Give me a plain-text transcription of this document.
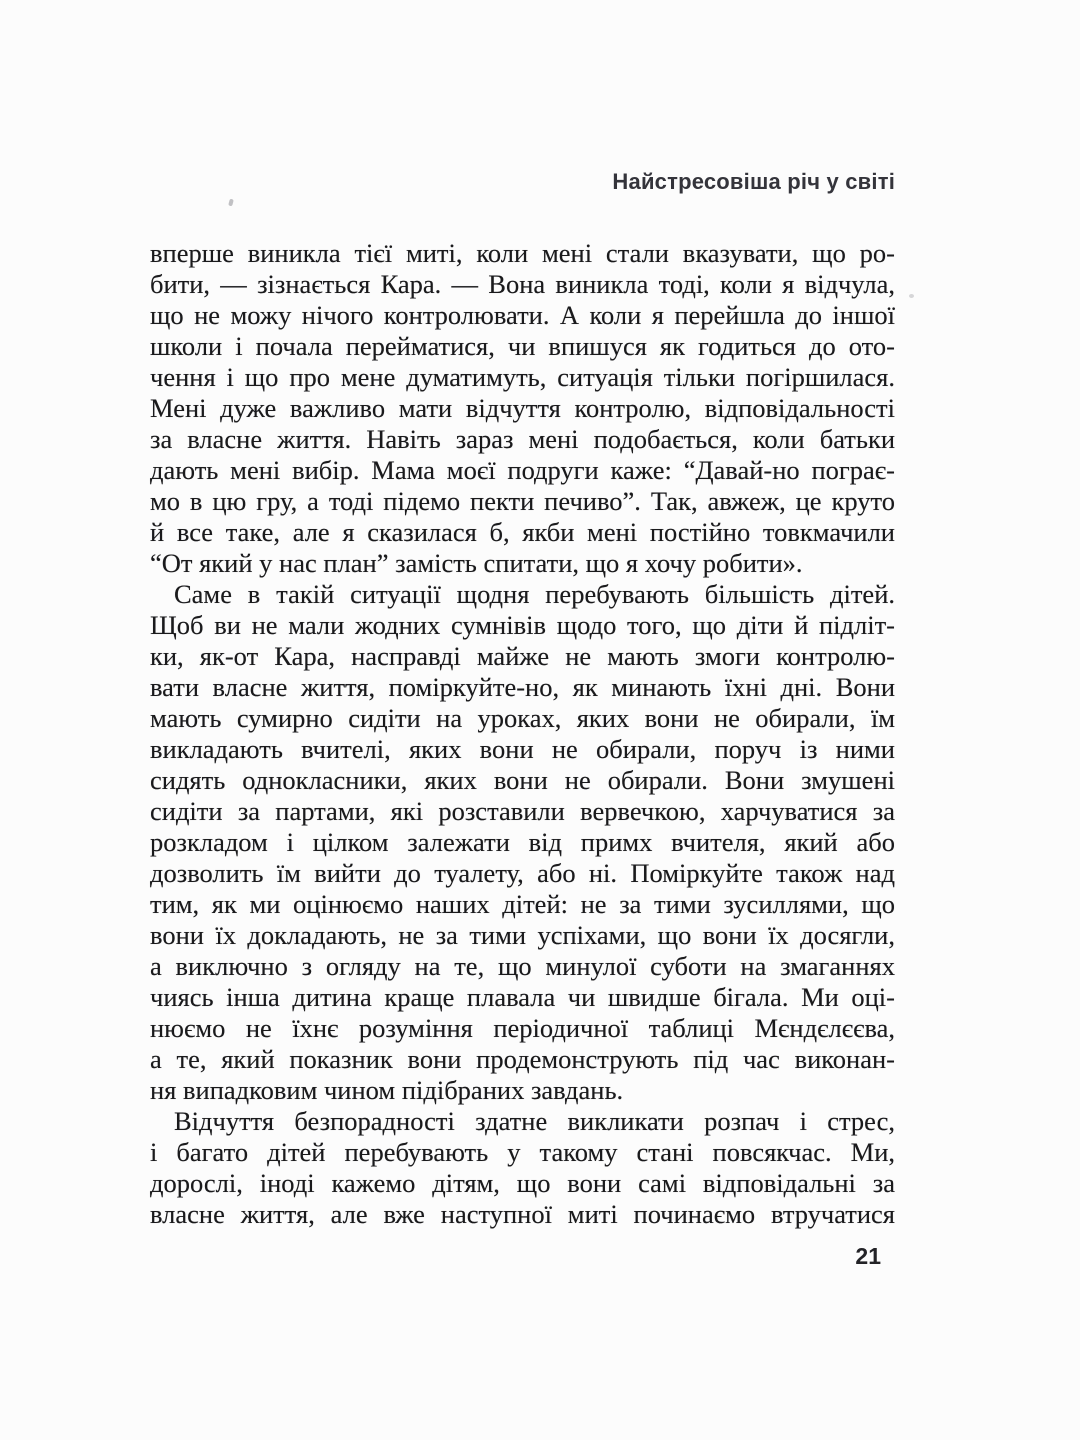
Найстресовіша річ у світі
вперше виникла тієї миті, коли мені стали вказувати, що ро-
бити, — зізнається Кара. — Вона виникла тоді, коли я відчула,
що не можу нічого контролювати. А коли я перейшла до іншої
школи і почала перейматися, чи впишуся як годиться до ото-
чення і що про мене думатимуть, ситуація тільки погіршилася.
Мені дуже важливо мати відчуття контролю, відповідальності
за власне життя. Навіть зараз мені подобається, коли батьки
дають мені вибір. Мама моєї подруги каже: “Давай-но пограє-
мо в цю гру, а тоді підемо пекти печиво”. Так, авжеж, це круто
й все таке, але я сказилася б, якби мені постійно товкмачили
“От який у нас план” замість спитати, що я хочу робити».
Саме в такій ситуації щодня перебувають більшість дітей.
Щоб ви не мали жодних сумнівів щодо того, що діти й підліт-
ки, як-от Кара, насправді майже не мають змоги контролю-
вати власне життя, поміркуйте-но, як минають їхні дні. Вони
мають сумирно сидіти на уроках, яких вони не обирали, їм
викладають вчителі, яких вони не обирали, поруч із ними
сидять однокласники, яких вони не обирали. Вони змушені
сидіти за партами, які розставили вервечкою, харчуватися за
розкладом і цілком залежати від примх вчителя, який або
дозволить їм вийти до туалету, або ні. Поміркуйте також над
тим, як ми оцінюємо наших дітей: не за тими зусиллями, що
вони їх докладають, не за тими успіхами, що вони їх досягли,
а виключно з огляду на те, що минулої суботи на змаганнях
чиясь інша дитина краще плавала чи швидше бігала. Ми оці-
нюємо не їхнє розуміння періодичної таблиці Мєндєлєєва,
а те, який показник вони продемонструють під час виконан-
ня випадковим чином підібраних завдань.
Відчуття безпорадності здатне викликати розпач і стрес,
і багато дітей перебувають у такому стані повсякчас. Ми,
дорослі, іноді кажемо дітям, що вони самі відповідальні за
власне життя, але вже наступної миті починаємо втручатися
21
